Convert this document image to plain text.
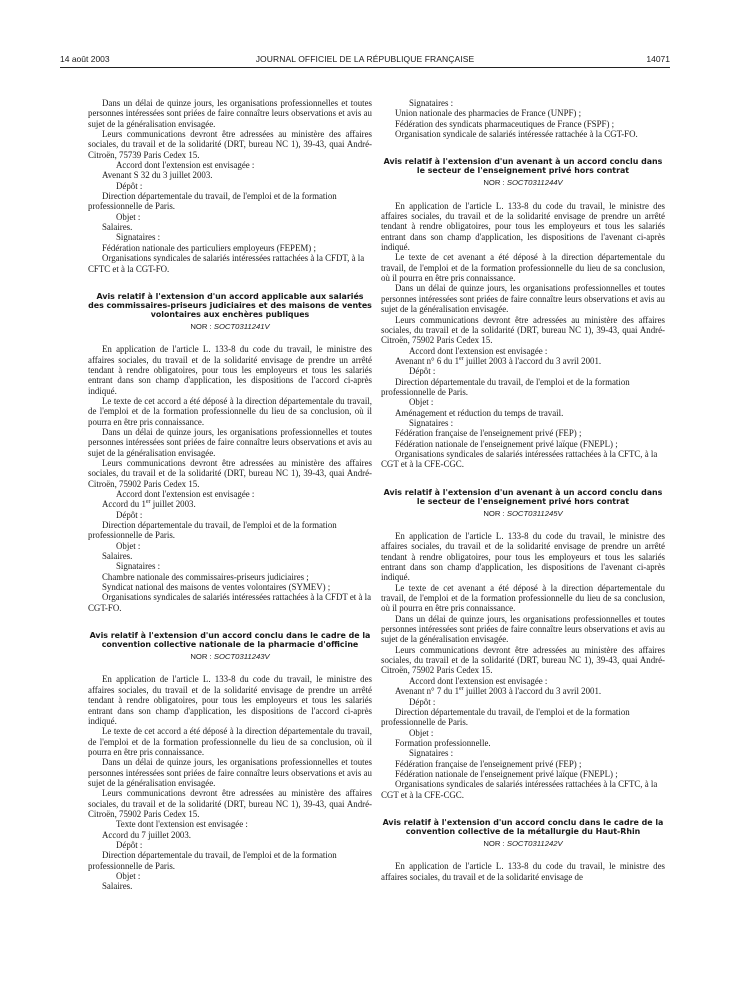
14 août 2003	JOURNAL OFFICIEL DE LA RÉPUBLIQUE FRANÇAISE	14071

Dans un délai de quinze jours, les organisations professionnelles et toutes personnes intéressées sont priées de faire connaître leurs observations et avis au sujet de la généralisation envisagée.

Leurs communications devront être adressées au ministère des affaires sociales, du travail et de la solidarité (DRT, bureau NC 1), 39-43, quai André-Citroën, 75739 Paris Cedex 15.

Accord dont l'extension est envisagée :

Avenant S 32 du 3 juillet 2003.

Dépôt :

Direction départementale du travail, de l'emploi et de la formation professionnelle de Paris.

Objet :

Salaires.

Signataires :

Fédération nationale des particuliers employeurs (FEPEM) ;

Organisations syndicales de salariés intéressées rattachées à la CFDT, à la CFTC et à la CGT-FO.

Avis relatif à l'extension d'un accord applicable aux salariés des commissaires-priseurs judiciaires et des maisons de ventes volontaires aux enchères publiques
NOR : SOCT0311241V

En application de l'article L. 133-8 du code du travail, le ministre des affaires sociales, du travail et de la solidarité envisage de prendre un arrêté tendant à rendre obligatoires, pour tous les employeurs et tous les salariés entrant dans son champ d'application, les dispositions de l'accord ci-après indiqué.

Le texte de cet accord a été déposé à la direction départementale du travail, de l'emploi et de la formation professionnelle du lieu de sa conclusion, où il pourra en être pris connaissance.

Dans un délai de quinze jours, les organisations professionnelles et toutes personnes intéressées sont priées de faire connaître leurs observations et avis au sujet de la généralisation envisagée.

Leurs communications devront être adressées au ministère des affaires sociales, du travail et de la solidarité (DRT, bureau NC 1), 39-43, quai André-Citroën, 75902 Paris Cedex 15.

Accord dont l'extension est envisagée :

Accord du 1er juillet 2003.

Dépôt :

Direction départementale du travail, de l'emploi et de la formation professionnelle de Paris.

Objet :

Salaires.

Signataires :

Chambre nationale des commissaires-priseurs judiciaires ;

Syndicat national des maisons de ventes volontaires (SYMEV) ;

Organisations syndicales de salariés intéressées rattachées à la CFDT et à la CGT-FO.

Avis relatif à l'extension d'un accord conclu dans le cadre de la convention collective nationale de la pharmacie d'officine
NOR : SOCT0311243V

En application de l'article L. 133-8 du code du travail, le ministre des affaires sociales, du travail et de la solidarité envisage de prendre un arrêté tendant à rendre obligatoires, pour tous les employeurs et tous les salariés entrant dans son champ d'application, les dispositions de l'accord ci-après indiqué.

Le texte de cet accord a été déposé à la direction départementale du travail, de l'emploi et de la formation professionnelle du lieu de sa conclusion, où il pourra en être pris connaissance.

Dans un délai de quinze jours, les organisations professionnelles et toutes personnes intéressées sont priées de faire connaître leurs observations et avis au sujet de la généralisation envisagée.

Leurs communications devront être adressées au ministère des affaires sociales, du travail et de la solidarité (DRT, bureau NC 1), 39-43, quai André-Citroën, 75902 Paris Cedex 15.

Texte dont l'extension est envisagée :

Accord du 7 juillet 2003.

Dépôt :

Direction départementale du travail, de l'emploi et de la formation professionnelle de Paris.

Objet :

Salaires.

Signataires :

Union nationale des pharmacies de France (UNPF) ;

Fédération des syndicats pharmaceutiques de France (FSPF) ;

Organisation syndicale de salariés intéressée rattachée à la CGT-FO.

Avis relatif à l'extension d'un avenant à un accord conclu dans le secteur de l'enseignement privé hors contrat
NOR : SOCT0311244V

En application de l'article L. 133-8 du code du travail, le ministre des affaires sociales, du travail et de la solidarité envisage de prendre un arrêté tendant à rendre obligatoires, pour tous les employeurs et tous les salariés entrant dans son champ d'application, les dispositions de l'avenant ci-après indiqué.

Le texte de cet avenant a été déposé à la direction départementale du travail, de l'emploi et de la formation professionnelle du lieu de sa conclusion, où il pourra en être pris connaissance.

Dans un délai de quinze jours, les organisations professionnelles et toutes personnes intéressées sont priées de faire connaître leurs observations et avis au sujet de la généralisation envisagée.

Leurs communications devront être adressées au ministère des affaires sociales, du travail et de la solidarité (DRT, bureau NC 1), 39-43, quai André-Citroën, 75902 Paris Cedex 15.

Accord dont l'extension est envisagée :

Avenant n° 6 du 1er juillet 2003 à l'accord du 3 avril 2001.

Dépôt :

Direction départementale du travail, de l'emploi et de la formation professionnelle de Paris.

Objet :

Aménagement et réduction du temps de travail.

Signataires :

Fédération française de l'enseignement privé (FEP) ;

Fédération nationale de l'enseignement privé laïque (FNEPL) ;

Organisations syndicales de salariés intéressées rattachées à la CFTC, à la CGT et à la CFE-CGC.

Avis relatif à l'extension d'un avenant à un accord conclu dans le secteur de l'enseignement privé hors contrat
NOR : SOCT0311245V

En application de l'article L. 133-8 du code du travail, le ministre des affaires sociales, du travail et de la solidarité envisage de prendre un arrêté tendant à rendre obligatoires, pour tous les employeurs et tous les salariés entrant dans son champ d'application, les dispositions de l'avenant ci-après indiqué.

Le texte de cet avenant a été déposé à la direction départementale du travail, de l'emploi et de la formation professionnelle du lieu de sa conclusion, où il pourra en être pris connaissance.

Dans un délai de quinze jours, les organisations professionnelles et toutes personnes intéressées sont priées de faire connaître leurs observations et avis au sujet de la généralisation envisagée.

Leurs communications devront être adressées au ministère des affaires sociales, du travail et de la solidarité (DRT, bureau NC 1), 39-43, quai André-Citroën, 75902 Paris Cedex 15.

Accord dont l'extension est envisagée :

Avenant n° 7 du 1er juillet 2003 à l'accord du 3 avril 2001.

Dépôt :

Direction départementale du travail, de l'emploi et de la formation professionnelle de Paris.

Objet :

Formation professionnelle.

Signataires :

Fédération française de l'enseignement privé (FEP) ;

Fédération nationale de l'enseignement privé laïque (FNEPL) ;

Organisations syndicales de salariés intéressées rattachées à la CFTC, à la CGT et à la CFE-CGC.

Avis relatif à l'extension d'un accord conclu dans le cadre de la convention collective de la métallurgie du Haut-Rhin
NOR : SOCT0311242V

En application de l'article L. 133-8 du code du travail, le ministre des affaires sociales, du travail et de la solidarité envisage de
